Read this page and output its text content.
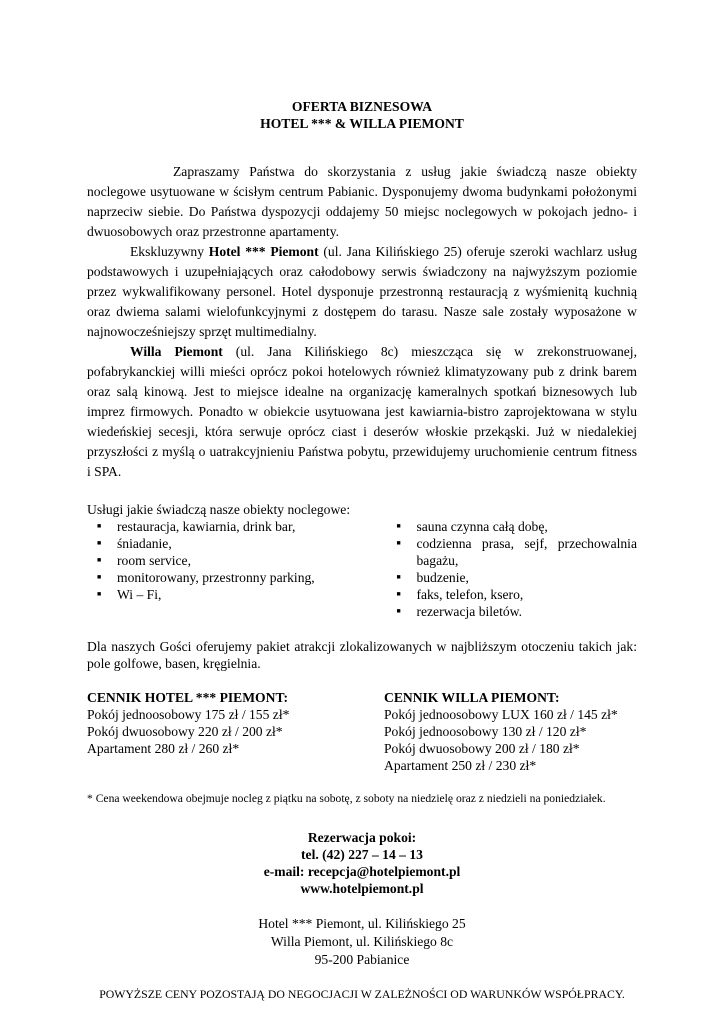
OFERTA BIZNESOWA
HOTEL *** & WILLA PIEMONT

Zapraszamy Państwa do skorzystania z usług jakie świadczą nasze obiekty noclegowe usytuowane w ścisłym centrum Pabianic. Dysponujemy dwoma budynkami położonymi naprzeciw siebie. Do Państwa dyspozycji oddajemy 50 miejsc noclegowych w pokojach jedno- i dwuosobowych oraz przestronne apartamenty.

Ekskluzywny Hotel *** Piemont (ul. Jana Kilińskiego 25) oferuje szeroki wachlarz usług podstawowych i uzupełniających oraz całodobowy serwis świadczony na najwyższym poziomie przez wykwalifikowany personel. Hotel dysponuje przestronną restauracją z wyśmienitą kuchnią oraz dwiema salami wielofunkcyjnymi z dostępem do tarasu. Nasze sale zostały wyposażone w najnowocześniejszy sprzęt multimedialny.

Willa Piemont (ul. Jana Kilińskiego 8c) mieszcząca się w zrekonstruowanej, pofabrykanckiej willi mieści oprócz pokoi hotelowych również klimatyzowany pub z drink barem oraz salą kinową. Jest to miejsce idealne na organizację kameralnych spotkań biznesowych lub imprez firmowych. Ponadto w obiekcie usytuowana jest kawiarnia-bistro zaprojektowana w stylu wiedeńskiej secesji, która serwuje oprócz ciast i deserów włoskie przekąski. Już w niedalekiej przyszłości z myślą o uatrakcyjnieniu Państwa pobytu, przewidujemy uruchomienie centrum fitness i SPA.

Usługi jakie świadczą nasze obiekty noclegowe:
■ restauracja, kawiarnia, drink bar,
■ śniadanie,
■ room service,
■ monitorowany, przestronny parking,
■ Wi – Fi,
■ sauna czynna całą dobę,
■ codzienna prasa, sejf, przechowalnia bagażu,
■ budzenie,
■ faks, telefon, ksero,
■ rezerwacja biletów.
Dla naszych Gości oferujemy pakiet atrakcji zlokalizowanych w najbliższym otoczeniu takich jak: pole golfowe, basen, kręgielnia.
CENNIK HOTEL *** PIEMONT:
Pokój jednoosobowy 175 zł / 155 zł*
Pokój dwuosobowy 220 zł / 200 zł*
Apartament 280 zł / 260 zł*
CENNIK WILLA PIEMONT:
Pokój jednoosobowy LUX 160 zł / 145 zł*
Pokój jednoosobowy 130 zł / 120 zł*
Pokój dwuosobowy 200 zł / 180 zł*
Apartament 250 zł / 230 zł*
* Cena weekendowa obejmuje nocleg z piątku na sobotę, z soboty na niedzielę oraz z niedzieli na poniedziałek.
Rezerwacja pokoi:
tel. (42) 227 – 14 – 13
e-mail: recepcja@hotelpiemont.pl
www.hotelpiemont.pl
Hotel *** Piemont, ul. Kilińskiego 25
Willa Piemont, ul. Kilińskiego 8c
95-200 Pabianice
POWYŻSZE CENY POZOSTAJĄ DO NEGOCJACJI W ZALEŻNOŚCI OD WARUNKÓW WSPÓŁPRACY.
